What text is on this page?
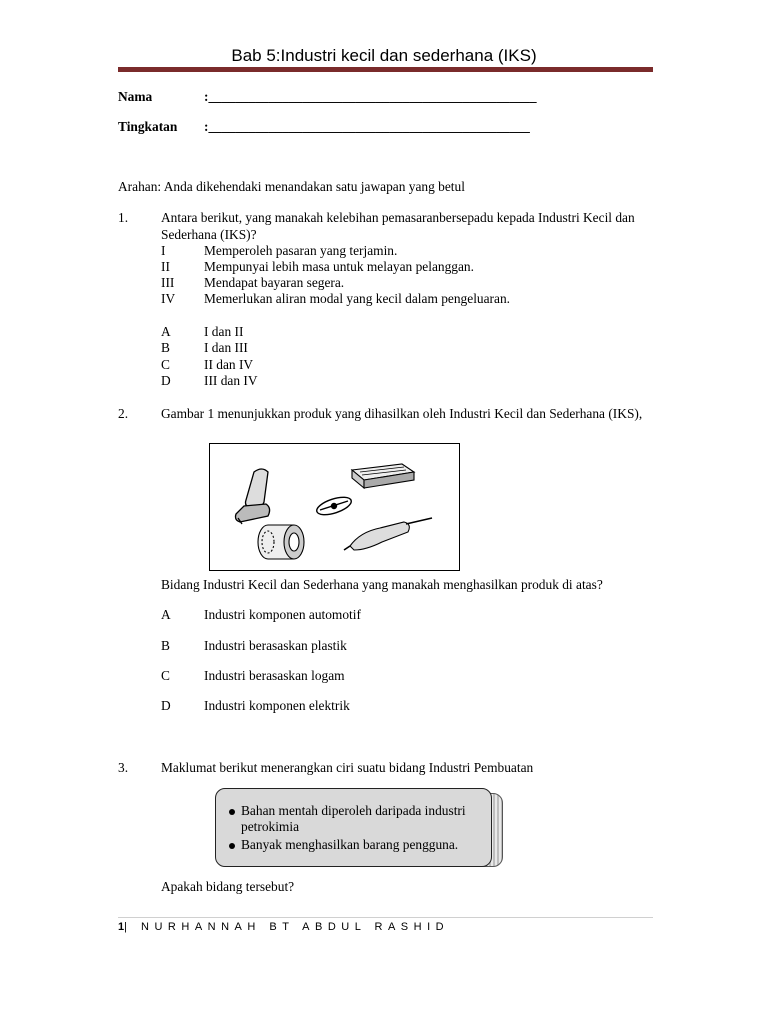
Bab 5:Industri kecil dan sederhana (IKS)
Nama	:_________________________________________________
Tingkatan :________________________________________________
Arahan: Anda dikehendaki menandakan satu jawapan yang betul
1. Antara berikut, yang manakah kelebihan pemasaranbersepadu kepada Industri Kecil dan Sederhana (IKS)?
I	Memperoleh pasaran yang terjamin.
II	Mempunyai lebih masa untuk melayan pelanggan.
III Mendapat bayaran segera.
IV Memerlukan aliran modal yang kecil dalam pengeluaran.
A I dan II
B	I dan III
C	II dan IV
D III dan IV
2. Gambar 1 menunjukkan produk yang dihasilkan oleh Industri Kecil dan Sederhana (IKS),
Bidang Industri Kecil dan Sederhana yang manakah menghasilkan produk di atas?
A Industri komponen automotif
B	Industri berasaskan plastik
C	Industri berasaskan logam
D Industri komponen elektrik
3. Maklumat berikut menerangkan ciri suatu bidang Industri Pembuatan
Bahan mentah diperoleh daripada industri petrokimia
Banyak menghasilkan barang pengguna.
Apakah bidang tersebut?
1| NURHANNAH BT ABDUL RASHID
